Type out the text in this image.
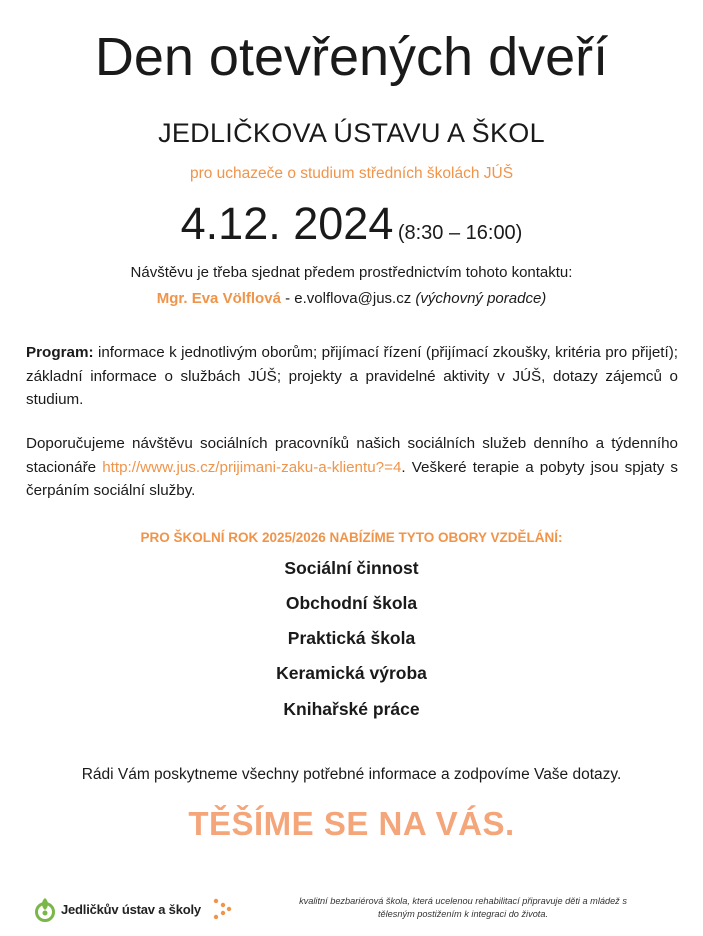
Den otevřených dveří
JEDLIČKOVA ÚSTAVU A ŠKOL
pro uchazeče o studium středních školách JÚŠ
4.12. 2024 (8:30 – 16:00)
Návštěvu je třeba sjednat předem prostřednictvím tohoto kontaktu:
Mgr. Eva Völflová - e.volflova@jus.cz (výchovný poradce)
Program: informace k jednotlivým oborům; přijímací řízení (přijímací zkoušky, kritéria pro přijetí); základní informace o službách JÚŠ; projekty a pravidelné aktivity v JÚŠ, dotazy zájemců o studium.
Doporučujeme návštěvu sociálních pracovníků našich sociálních služeb denního a týdenního stacionáře http://www.jus.cz/prijimani-zaku-a-klientu?=4. Veškeré terapie a pobyty jsou spjaty s čerpáním sociální služby.
PRO ŠKOLNÍ ROK 2025/2026 NABÍZÍME TYTO OBORY VZDĚLÁNÍ:
Sociální činnost
Obchodní škola
Praktická škola
Keramická výroba
Knihařské práce
Rádi Vám poskytneme všechny potřebné informace a zodpovíme Vaše dotazy.
TĚŠÍME SE NA VÁS.
Jedličkův ústav a školy
kvalitní bezbariérová škola, která ucelenou rehabilitací připravuje děti a mládež s
tělesným postižením k integraci do života.
